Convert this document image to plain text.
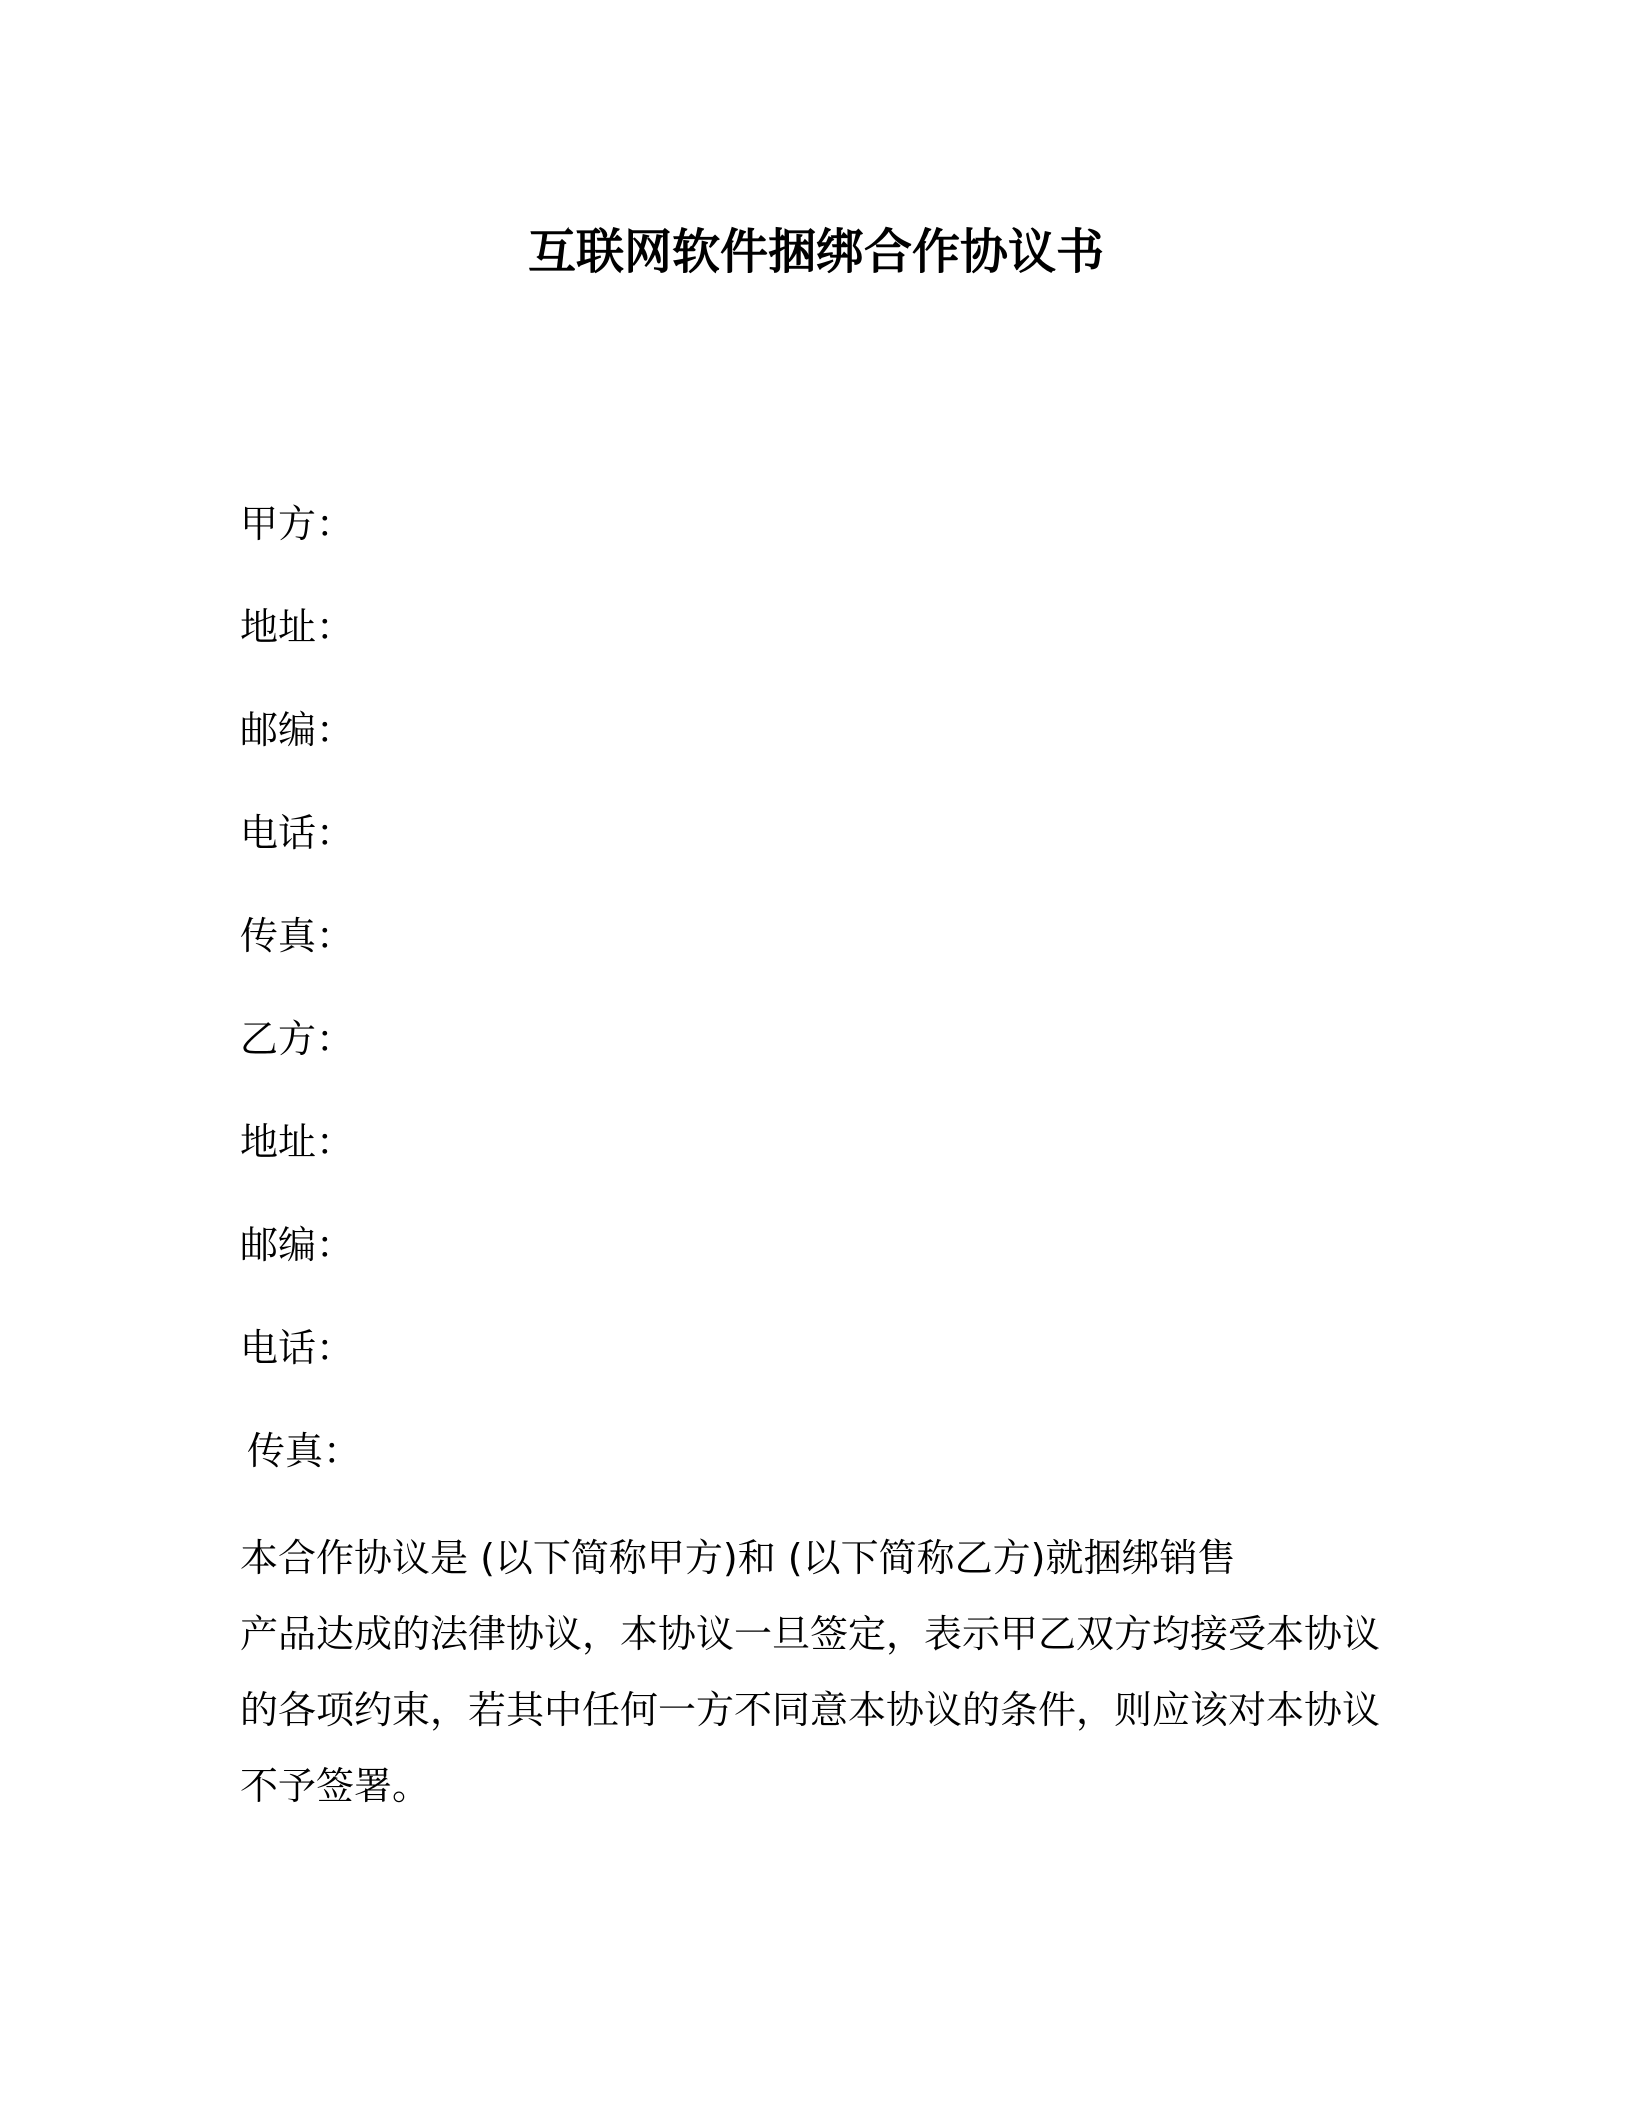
互联网软件捆绑合作协议书
甲方：
地址：
邮编：
电话：
传真：
乙方：
地址：
邮编：
电话：
传真：
本合作协议是 (以下简称甲方)和 (以下简称乙方)就捆绑销售
产品达成的法律协议，本协议一旦签定，表示甲乙双方均接受本协议
的各项约束，若其中任何一方不同意本协议的条件，则应该对本协议
不予签署。
